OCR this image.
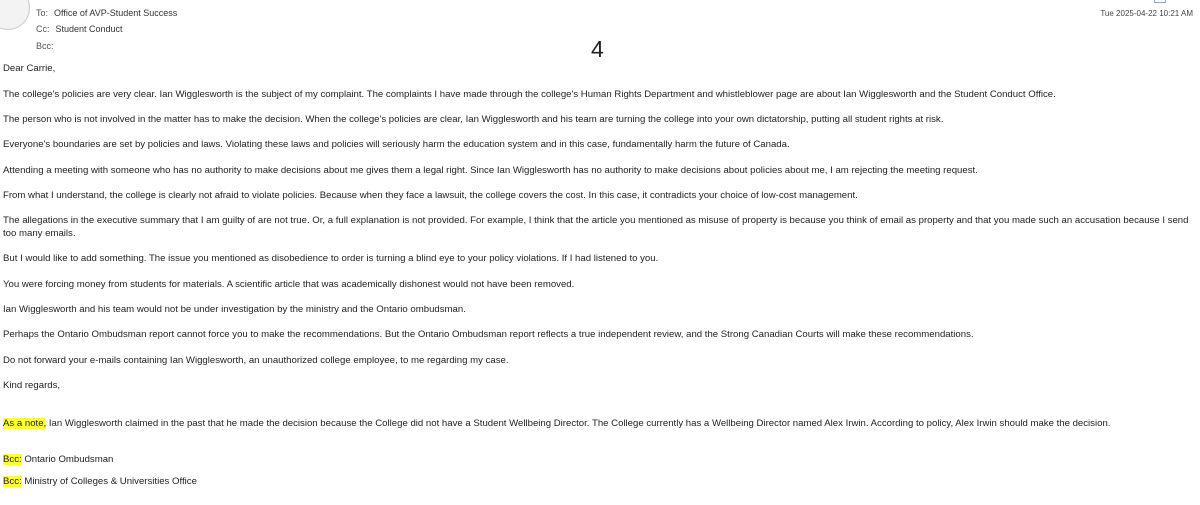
To: Office of AVP-Student Success
Cc: Student Conduct
Bcc:
Tue 2025-04-22 10:21 AM
4
Dear Carrie,
The college's policies are very clear. Ian Wigglesworth is the subject of my complaint. The complaints I have made through the college's Human Rights Department and whistleblower page are about Ian Wigglesworth and the Student Conduct Office.
The person who is not involved in the matter has to make the decision. When the college's policies are clear, Ian Wigglesworth and his team are turning the college into your own dictatorship, putting all student rights at risk.
Everyone's boundaries are set by policies and laws. Violating these laws and policies will seriously harm the education system and in this case, fundamentally harm the future of Canada.
Attending a meeting with someone who has no authority to make decisions about me gives them a legal right. Since Ian Wigglesworth has no authority to make decisions about policies about me, I am rejecting the meeting request.
From what I understand, the college is clearly not afraid to violate policies. Because when they face a lawsuit, the college covers the cost. In this case, it contradicts your choice of low-cost management.
The allegations in the executive summary that I am guilty of are not true. Or, a full explanation is not provided. For example, I think that the article you mentioned as misuse of property is because you think of email as property and that you made such an accusation because I send too many emails.
But I would like to add something. The issue you mentioned as disobedience to order is turning a blind eye to your policy violations. If I had listened to you.
You were forcing money from students for materials. A scientific article that was academically dishonest would not have been removed.
Ian Wigglesworth and his team would not be under investigation by the ministry and the Ontario ombudsman.
Perhaps the Ontario Ombudsman report cannot force you to make the recommendations. But the Ontario Ombudsman report reflects a true independent review, and the Strong Canadian Courts will make these recommendations.
Do not forward your e-mails containing Ian Wigglesworth, an unauthorized college employee, to me regarding my case.
Kind regards,
As a note, Ian Wigglesworth claimed in the past that he made the decision because the College did not have a Student Wellbeing Director. The College currently has a Wellbeing Director named Alex Irwin. According to policy, Alex Irwin should make the decision.
Bcc: Ontario Ombudsman
Bcc: Ministry of Colleges & Universities Office
